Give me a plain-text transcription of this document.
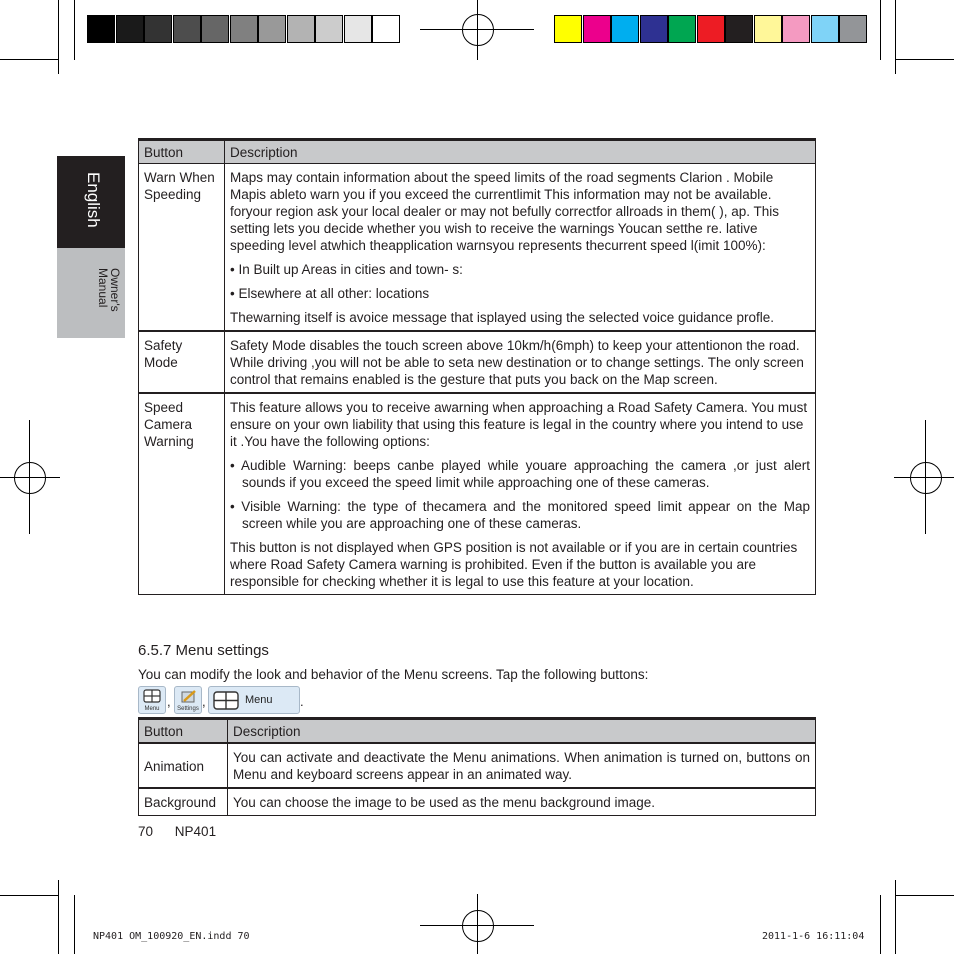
English
Owner's
Manual
Button	Description
Warn When Speeding	Maps may contain information about the speed limits of the road segments Clarion . Mobile Mapis ableto warn you if you exceed the currentlimit This information may not be available. foryour region ask your local dealer or may not befully correctfor allroads in them( ), ap. This setting lets you decide whether you wish to receive the warnings Youcan setthe re. lative speeding level atwhich theapplication warnsyou represents thecurrent speed l(imit 100%):

• In Built up Areas in cities and town- s:

• Elsewhere at all other: locations

Thewarning itself is avoice message that isplayed using the selected voice guidance profle.

Safety Mode	Safety Mode disables the touch screen above 10km/h(6mph) to keep your attentionon the road. While driving ,you will not be able to seta new destination or to change settings. The only screen control that remains enabled is the gesture that puts you back on the Map screen.

Speed Camera Warning	This feature allows you to receive awarning when approaching a Road Safety Camera. You must ensure on your own liability that using this feature is legal in the country where you intend to use it .You have the following options:

• Audible Warning: beeps canbe played while youare approaching the camera ,or just alert sounds if you exceed the speed limit while approaching one of these cameras.

• Visible Warning: the type of thecamera and the monitored speed limit appear on the Map screen while you are approaching one of these cameras.

This button is not displayed when GPS position is not available or if you are in certain countries where Road Safety Camera warning is prohibited. Even if the button is available you are responsible for checking whether it is legal to use this feature at your location.

6.5.7 Menu settings
You can modify the look and behavior of the Menu screens. Tap the following buttons:
Menu ,	Settings ,	Menu .
Button	Description
Animation	You can activate and deactivate the Menu animations. When animation is turned on, buttons on Menu and keyboard screens appear in an animated way.
Background	You can choose the image to be used as the menu background image.
70 NP401
NP401 OM_100920_EN.indd 70	2011-1-6 16:11:04
